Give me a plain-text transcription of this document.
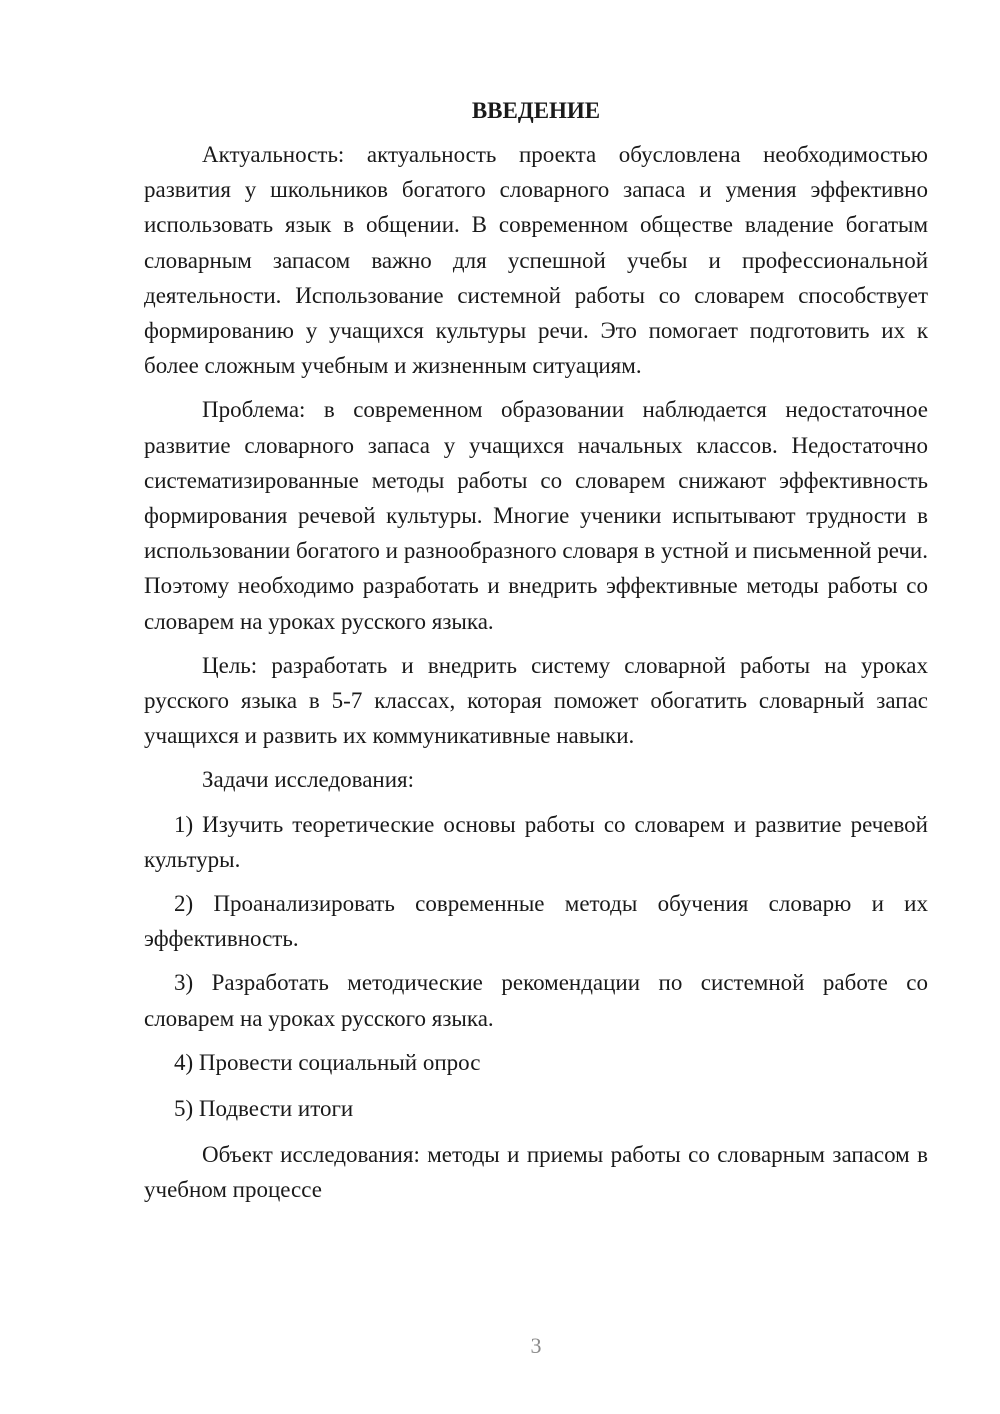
ВВЕДЕНИЕ

Актуальность: актуальность проекта обусловлена необходимостью развития у школьников богатого словарного запаса и умения эффективно использовать язык в общении. В современном обществе владение богатым словарным запасом важно для успешной учебы и профессиональной деятельности. Использование системной работы со словарем способствует формированию у учащихся культуры речи. Это помогает подготовить их к более сложным учебным и жизненным ситуациям.

Проблема: в современном образовании наблюдается недостаточное развитие словарного запаса у учащихся начальных классов. Недостаточно систематизированные методы работы со словарем снижают эффективность формирования речевой культуры. Многие ученики испытывают трудности в использовании богатого и разнообразного словаря в устной и письменной речи. Поэтому необходимо разработать и внедрить эффективные методы работы со словарем на уроках русского языка.

Цель: разработать и внедрить систему словарной работы на уроках русского языка в 5-7 классах, которая поможет обогатить словарный запас учащихся и развить их коммуникативные навыки.

Задачи исследования:

1) Изучить теоретические основы работы со словарем и развитие речевой культуры.

2) Проанализировать современные методы обучения словарю и их эффективность.

3) Разработать методические рекомендации по системной работе со словарем на уроках русского языка.

4) Провести социальный опрос

5) Подвести итоги

Объект исследования: методы и приемы работы со словарным запасом в учебном процессе

3
